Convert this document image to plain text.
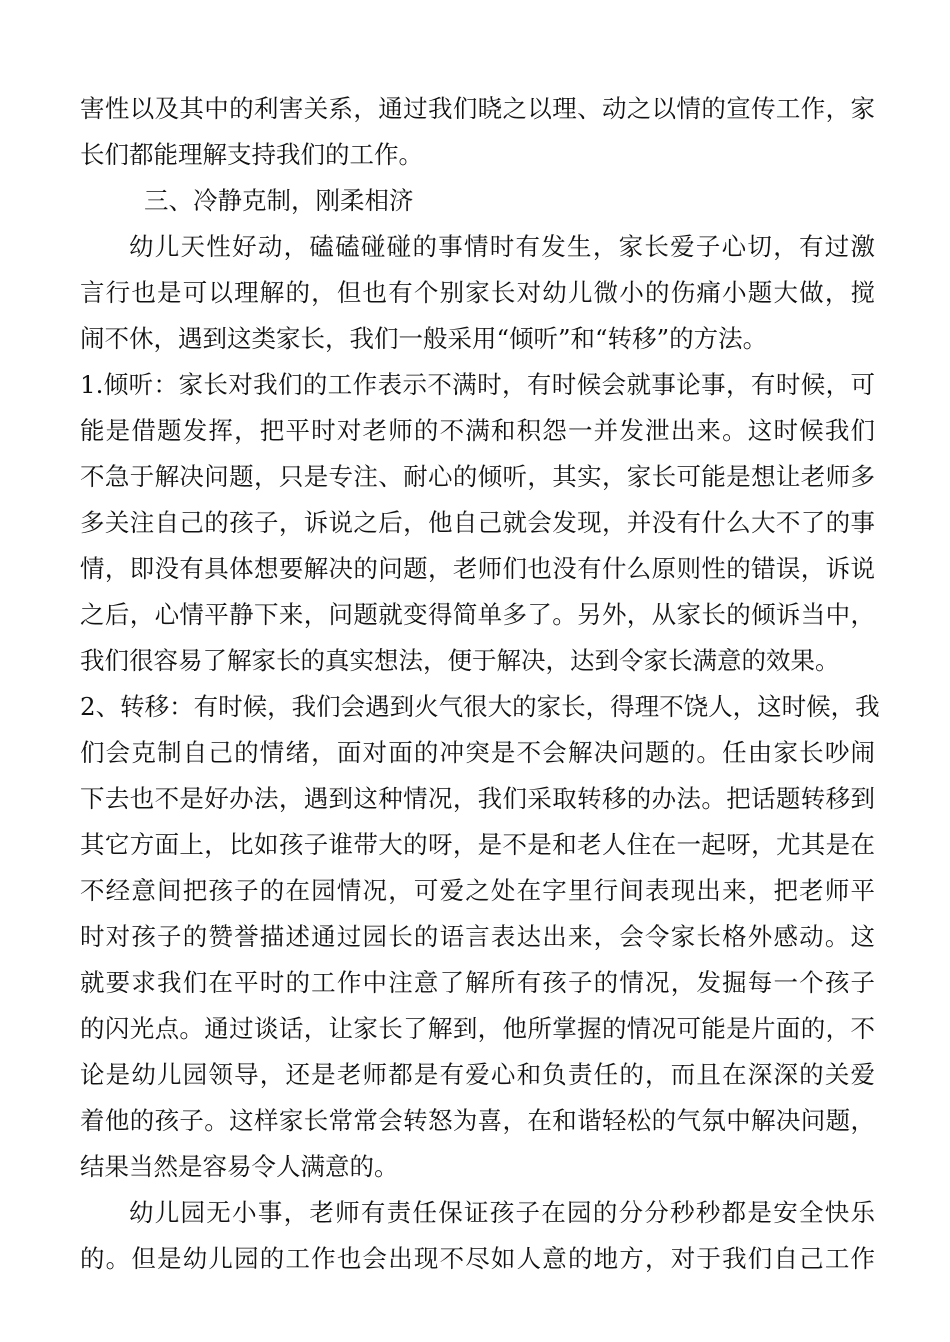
害性以及其中的利害关系，通过我们晓之以理、动之以情的宣传工作，家
长们都能理解支持我们的工作。
三、冷静克制，刚柔相济
幼儿天性好动，磕磕碰碰的事情时有发生，家长爱子心切，有过激
言行也是可以理解的，但也有个别家长对幼儿微小的伤痛小题大做，搅
闹不休，遇到这类家长，我们一般采用“倾听”和“转移”的方法。
1.倾听：家长对我们的工作表示不满时，有时候会就事论事，有时候，可
能是借题发挥，把平时对老师的不满和积怨一并发泄出来。这时候我们
不急于解决问题，只是专注、耐心的倾听，其实，家长可能是想让老师多
多关注自己的孩子，诉说之后，他自己就会发现，并没有什么大不了的事
情，即没有具体想要解决的问题，老师们也没有什么原则性的错误，诉说
之后，心情平静下来，问题就变得简单多了。另外，从家长的倾诉当中，
我们很容易了解家长的真实想法，便于解决，达到令家长满意的效果。
2、转移：有时候，我们会遇到火气很大的家长，得理不饶人，这时候，我
们会克制自己的情绪，面对面的冲突是不会解决问题的。任由家长吵闹
下去也不是好办法，遇到这种情况，我们采取转移的办法。把话题转移到
其它方面上，比如孩子谁带大的呀，是不是和老人住在一起呀，尤其是在
不经意间把孩子的在园情况，可爱之处在字里行间表现出来，把老师平
时对孩子的赞誉描述通过园长的语言表达出来，会令家长格外感动。这
就要求我们在平时的工作中注意了解所有孩子的情况，发掘每一个孩子
的闪光点。通过谈话，让家长了解到，他所掌握的情况可能是片面的，不
论是幼儿园领导，还是老师都是有爱心和负责任的，而且在深深的关爱
着他的孩子。这样家长常常会转怒为喜，在和谐轻松的气氛中解决问题，
结果当然是容易令人满意的。
幼儿园无小事，老师有责任保证孩子在园的分分秒秒都是安全快乐
的。但是幼儿园的工作也会出现不尽如人意的地方，对于我们自己工作
